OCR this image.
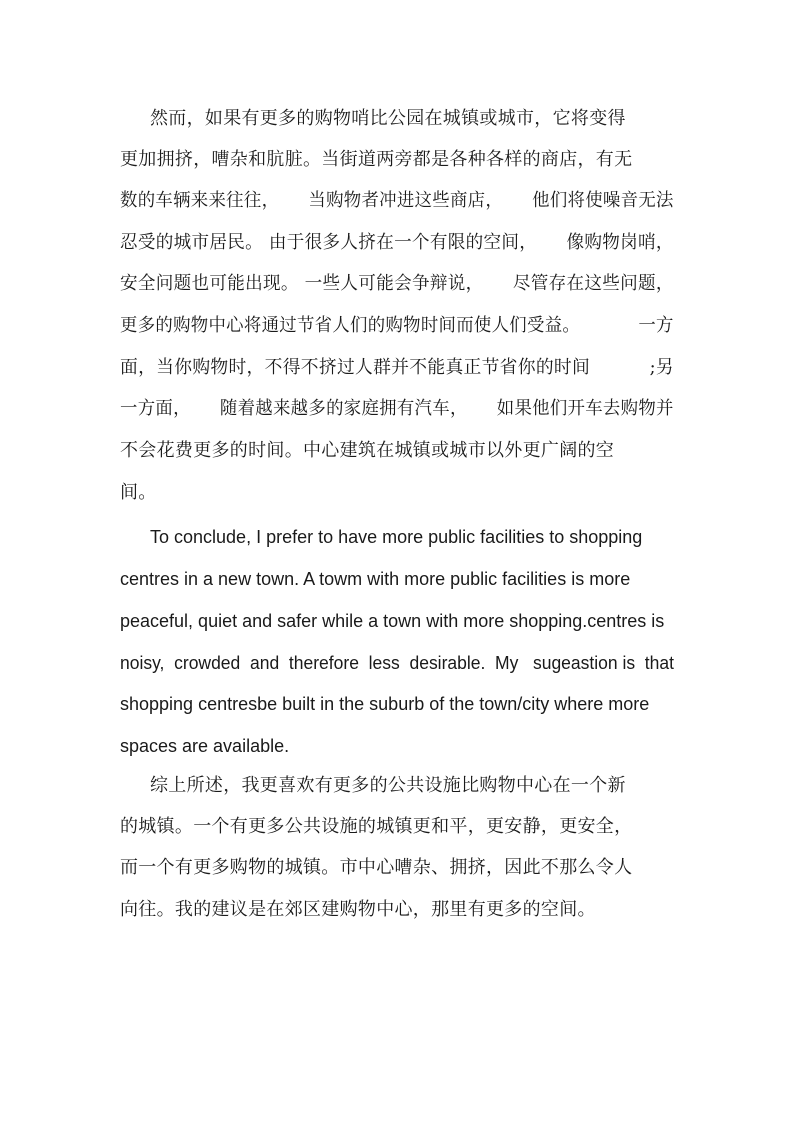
然而，如果有更多的购物哨比公园在城镇或城市，它将变得
更加拥挤，嘈杂和肮脏。当街道两旁都是各种各样的商店，有无
数的车辆来来往往，     当购物者冲进这些商店，     他们将使噪音无法
忍受的城市居民。 由于很多人挤在一个有限的空间，     像购物岗哨，
安全问题也可能出现。 一些人可能会争辩说，     尽管存在这些问题，
更多的购物中心将通过节省人们的购物时间而使人们受益。          一方
面，当你购物时，不得不挤过人群并不能真正节省你的时间          ;另
一方面，     随着越来越多的家庭拥有汽车，     如果他们开车去购物并
不会花费更多的时间。中心建筑在城镇或城市以外更广阔的空
间。
To conclude, I prefer to have more public facilities to shopping
centres in a new town. A towm with more public facilities is more
peaceful, quiet and safer while a town with more shopping.centres is
noisy,  crowded  and  therefore  less  desirable.  My   sugeastion is  that
shopping centresbe built in the suburb of the town/city where more
spaces are available.
综上所述，我更喜欢有更多的公共设施比购物中心在一个新
的城镇。一个有更多公共设施的城镇更和平，更安静，更安全，
而一个有更多购物的城镇。市中心嘈杂、拥挤，因此不那么令人
向往。我的建议是在郊区建购物中心，那里有更多的空间。
